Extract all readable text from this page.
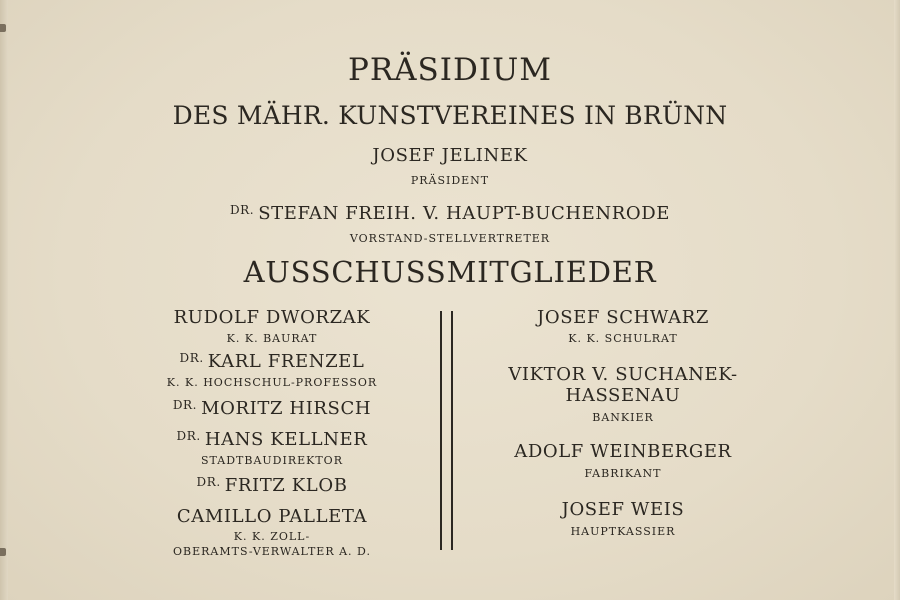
PRÄSIDIUM
DES MÄHR. KUNSTVEREINES IN BRÜNN
JOSEF JELINEK
PRÄSIDENT
$^{DR.}$ STEFAN FREIH. V. HAUPT-BUCHENRODE
VORSTAND-STELLVERTRETER
AUSSCHUSSMITGLIEDER
RUDOLF DWORZAK
K. K. BAURAT
$^{DR.}$ KARL FRENZEL
K. K. HOCHSCHUL-PROFESSOR
$^{DR.}$ MORITZ HIRSCH
$^{DR.}$ HANS KELLNER
STADTBAUDIREKTOR
$^{DR.}$ FRITZ KLOB
CAMILLO PALLETA
K. K. ZOLL-
OBERAMTS-VERWALTER A. D.
JOSEF SCHWARZ
K. K. SCHULRAT
VIKTOR V. SUCHANEK-
HASSENAU
BANKIER
ADOLF WEINBERGER
FABRIKANT
JOSEF WEIS
HAUPTKASSIER
